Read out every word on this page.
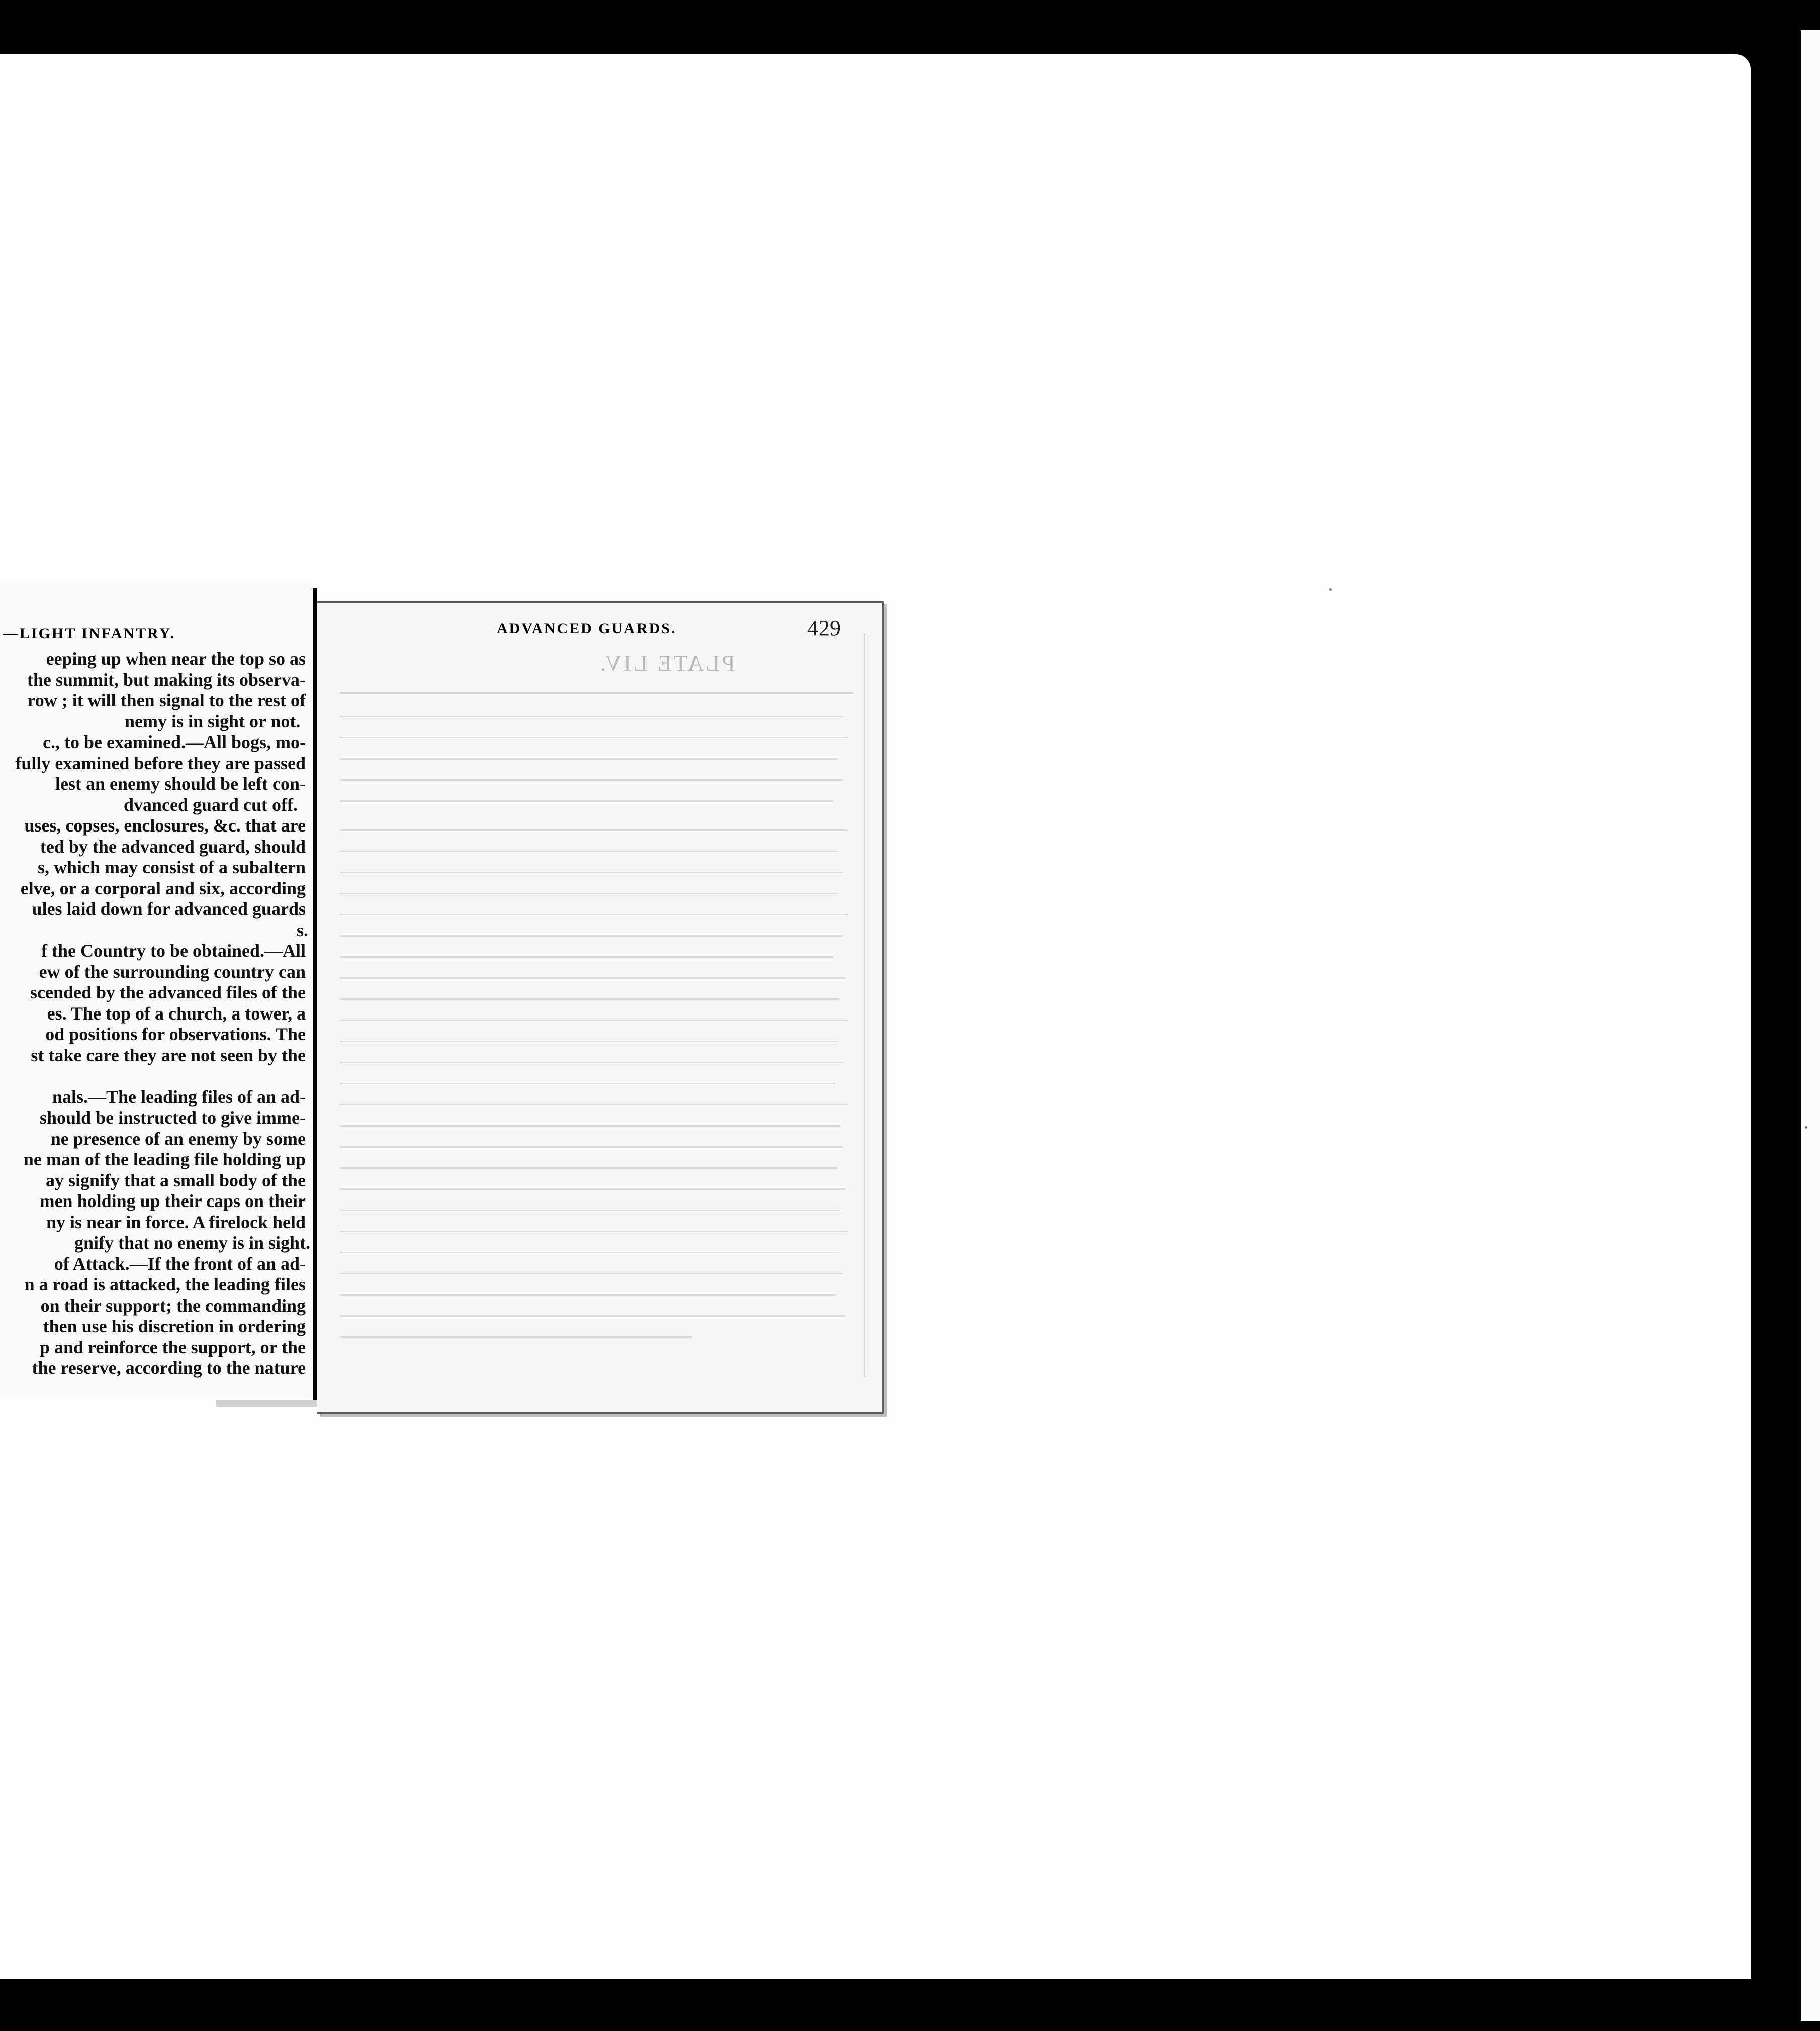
—LIGHT INFANTRY.
eeping up when near the top so as
the summit, but making its observa-
row ; it will then signal to the rest of
nemy is in sight or not.
c., to be examined.—All bogs, mo-
fully examined before they are passed
lest an enemy should be left con-
dvanced guard cut off.
uses, copses, enclosures, &c. that are
ted by the advanced guard, should
s, which may consist of a subaltern
elve, or a corporal and six, according
ules laid down for advanced guards
s.
f the Country to be obtained.—All
ew of the surrounding country can
scended by the advanced files of the
es. The top of a church, a tower, a
od positions for observations. The
st take care they are not seen by the
nals.—The leading files of an ad-
should be instructed to give imme-
ne presence of an enemy by some
ne man of the leading file holding up
ay signify that a small body of the
men holding up their caps on their
ny is near in force. A firelock held
gnify that no enemy is in sight.
of Attack.—If the front of an ad-
n a road is attacked, the leading files
on their support; the commanding
then use his discretion in ordering
p and reinforce the support, or the
the reserve, according to the nature
ADVANCED GUARDS.	429
PLATE LIV.
